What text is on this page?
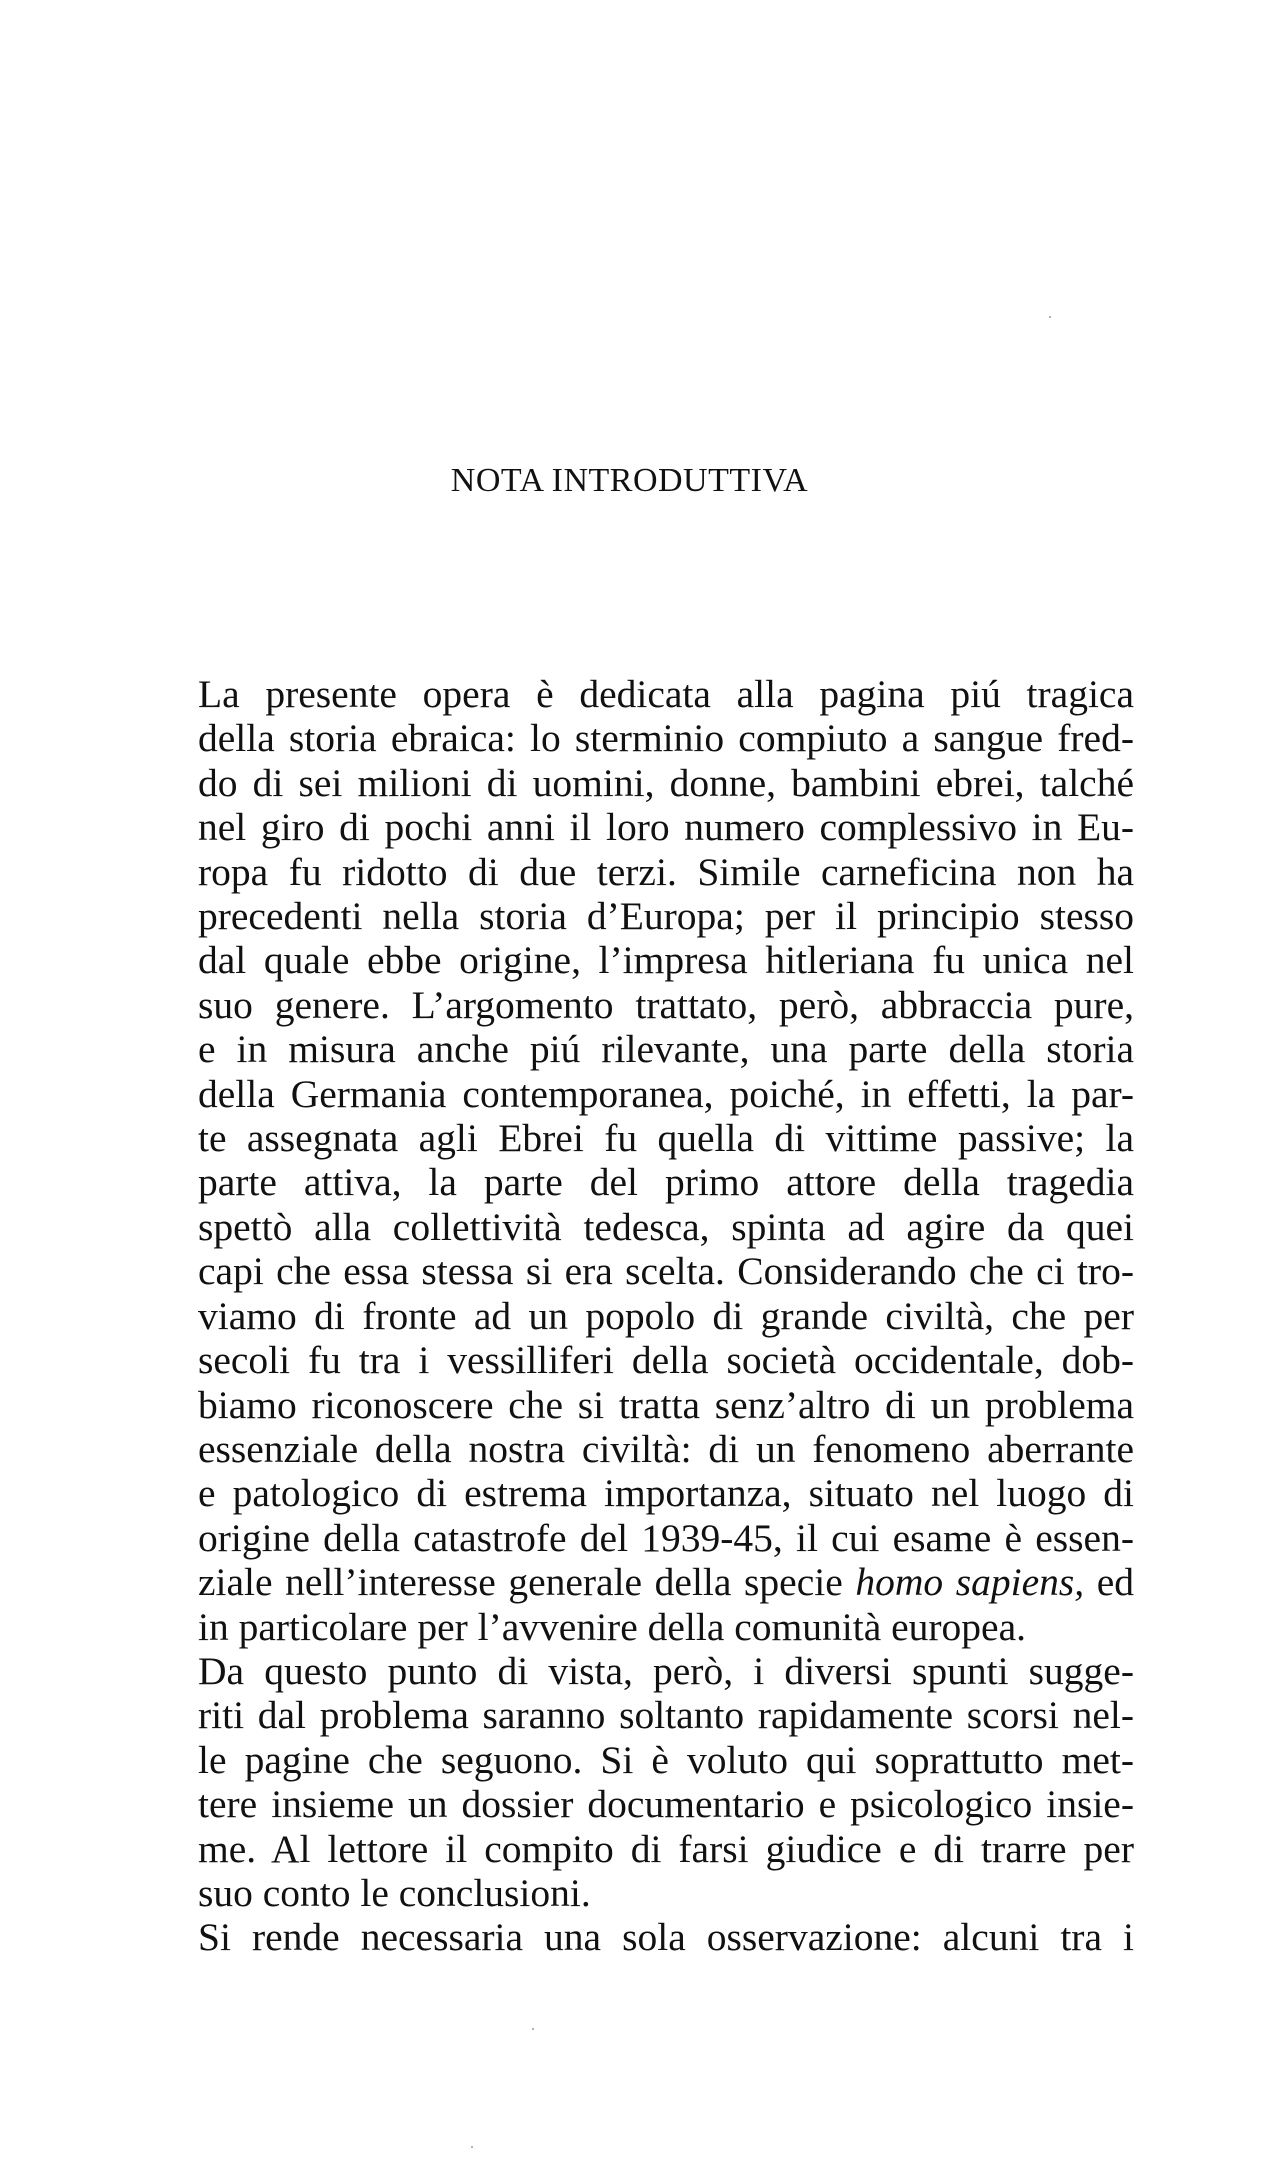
NOTA INTRODUTTIVA
La presente opera è dedicata alla pagina piú tragica
della storia ebraica: lo sterminio compiuto a sangue fred-
do di sei milioni di uomini, donne, bambini ebrei, talché
nel giro di pochi anni il loro numero complessivo in Eu-
ropa fu ridotto di due terzi. Simile carneficina non ha
precedenti nella storia d’Europa; per il principio stesso
dal quale ebbe origine, l’impresa hitleriana fu unica nel
suo genere. L’argomento trattato, però, abbraccia pure,
e in misura anche piú rilevante, una parte della storia
della Germania contemporanea, poiché, in effetti, la par-
te assegnata agli Ebrei fu quella di vittime passive; la
parte attiva, la parte del primo attore della tragedia
spettò alla collettività tedesca, spinta ad agire da quei
capi che essa stessa si era scelta. Considerando che ci tro-
viamo di fronte ad un popolo di grande civiltà, che per
secoli fu tra i vessilliferi della società occidentale, dob-
biamo riconoscere che si tratta senz’altro di un problema
essenziale della nostra civiltà: di un fenomeno aberrante
e patologico di estrema importanza, situato nel luogo di
origine della catastrofe del 1939-45, il cui esame è essen-
ziale nell’interesse generale della specie homo sapiens, ed
in particolare per l’avvenire della comunità europea.
Da questo punto di vista, però, i diversi spunti sugge-
riti dal problema saranno soltanto rapidamente scorsi nel-
le pagine che seguono. Si è voluto qui soprattutto met-
tere insieme un dossier documentario e psicologico insie-
me. Al lettore il compito di farsi giudice e di trarre per
suo conto le conclusioni.
Si rende necessaria una sola osservazione: alcuni tra i
